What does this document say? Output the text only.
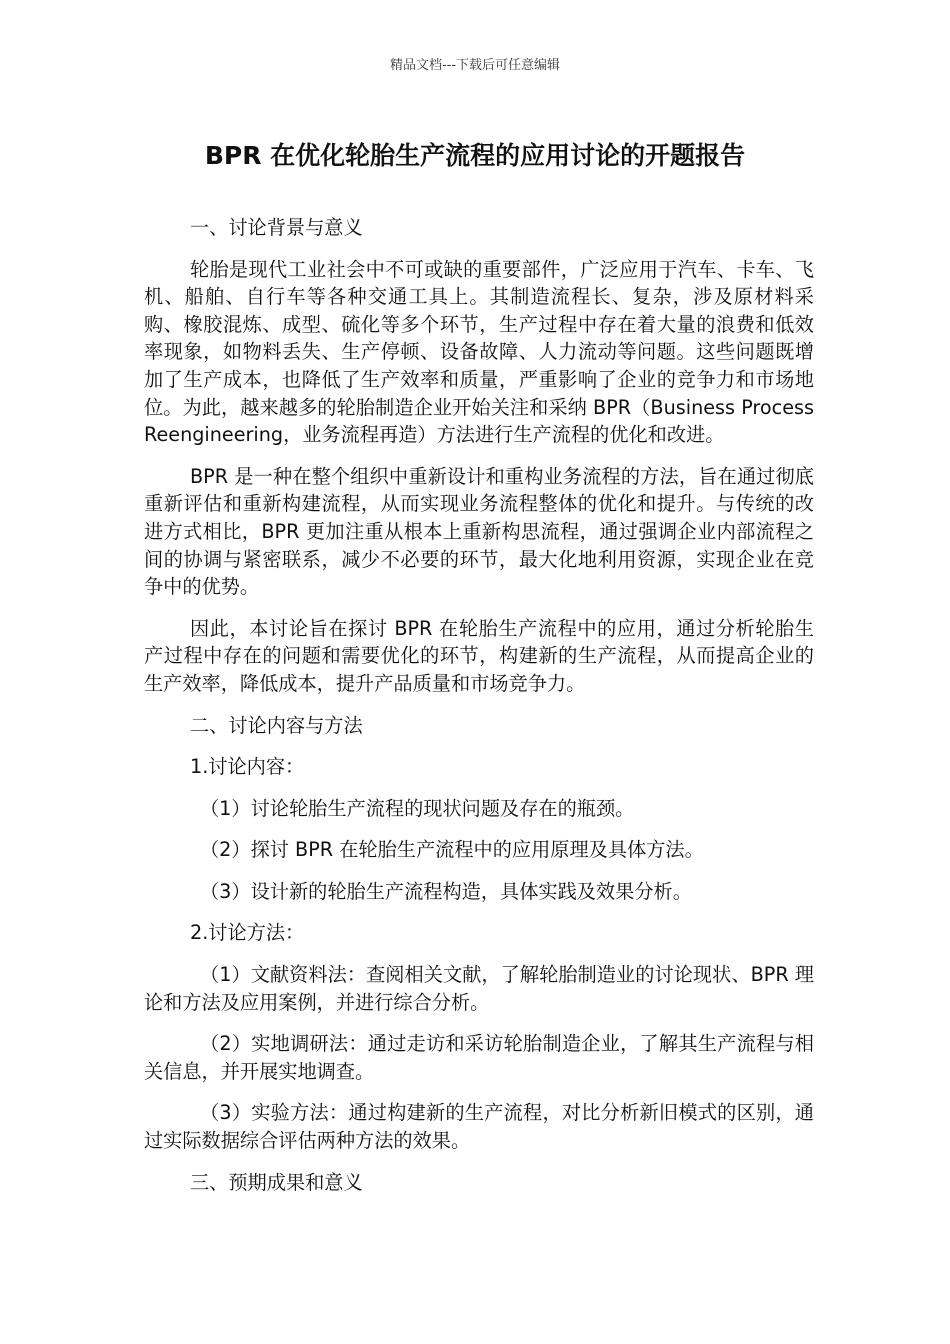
精品文档---下载后可任意编辑
BPR 在优化轮胎生产流程的应用讨论的开题报告

一、讨论背景与意义

轮胎是现代工业社会中不可或缺的重要部件，广泛应用于汽车、卡车、飞机、船舶、自行车等各种交通工具上。其制造流程长、复杂，涉及原材料采购、橡胶混炼、成型、硫化等多个环节，生产过程中存在着大量的浪费和低效率现象，如物料丢失、生产停顿、设备故障、人力流动等问题。这些问题既增加了生产成本，也降低了生产效率和质量，严重影响了企业的竞争力和市场地位。为此，越来越多的轮胎制造企业开始关注和采纳 BPR（Business Process Reengineering，业务流程再造）方法进行生产流程的优化和改进。

BPR 是一种在整个组织中重新设计和重构业务流程的方法，旨在通过彻底重新评估和重新构建流程，从而实现业务流程整体的优化和提升。与传统的改进方式相比，BPR 更加注重从根本上重新构思流程，通过强调企业内部流程之间的协调与紧密联系，减少不必要的环节，最大化地利用资源，实现企业在竞争中的优势。

因此，本讨论旨在探讨 BPR 在轮胎生产流程中的应用，通过分析轮胎生产过程中存在的问题和需要优化的环节，构建新的生产流程，从而提高企业的生产效率，降低成本，提升产品质量和市场竞争力。

二、讨论内容与方法

1.讨论内容：

（1）讨论轮胎生产流程的现状问题及存在的瓶颈。

（2）探讨 BPR 在轮胎生产流程中的应用原理及具体方法。

（3）设计新的轮胎生产流程构造，具体实践及效果分析。

2.讨论方法：

（1）文献资料法：查阅相关文献，了解轮胎制造业的讨论现状、BPR 理论和方法及应用案例，并进行综合分析。

（2）实地调研法：通过走访和采访轮胎制造企业，了解其生产流程与相关信息，并开展实地调查。

（3）实验方法：通过构建新的生产流程，对比分析新旧模式的区别，通过实际数据综合评估两种方法的效果。

三、预期成果和意义
